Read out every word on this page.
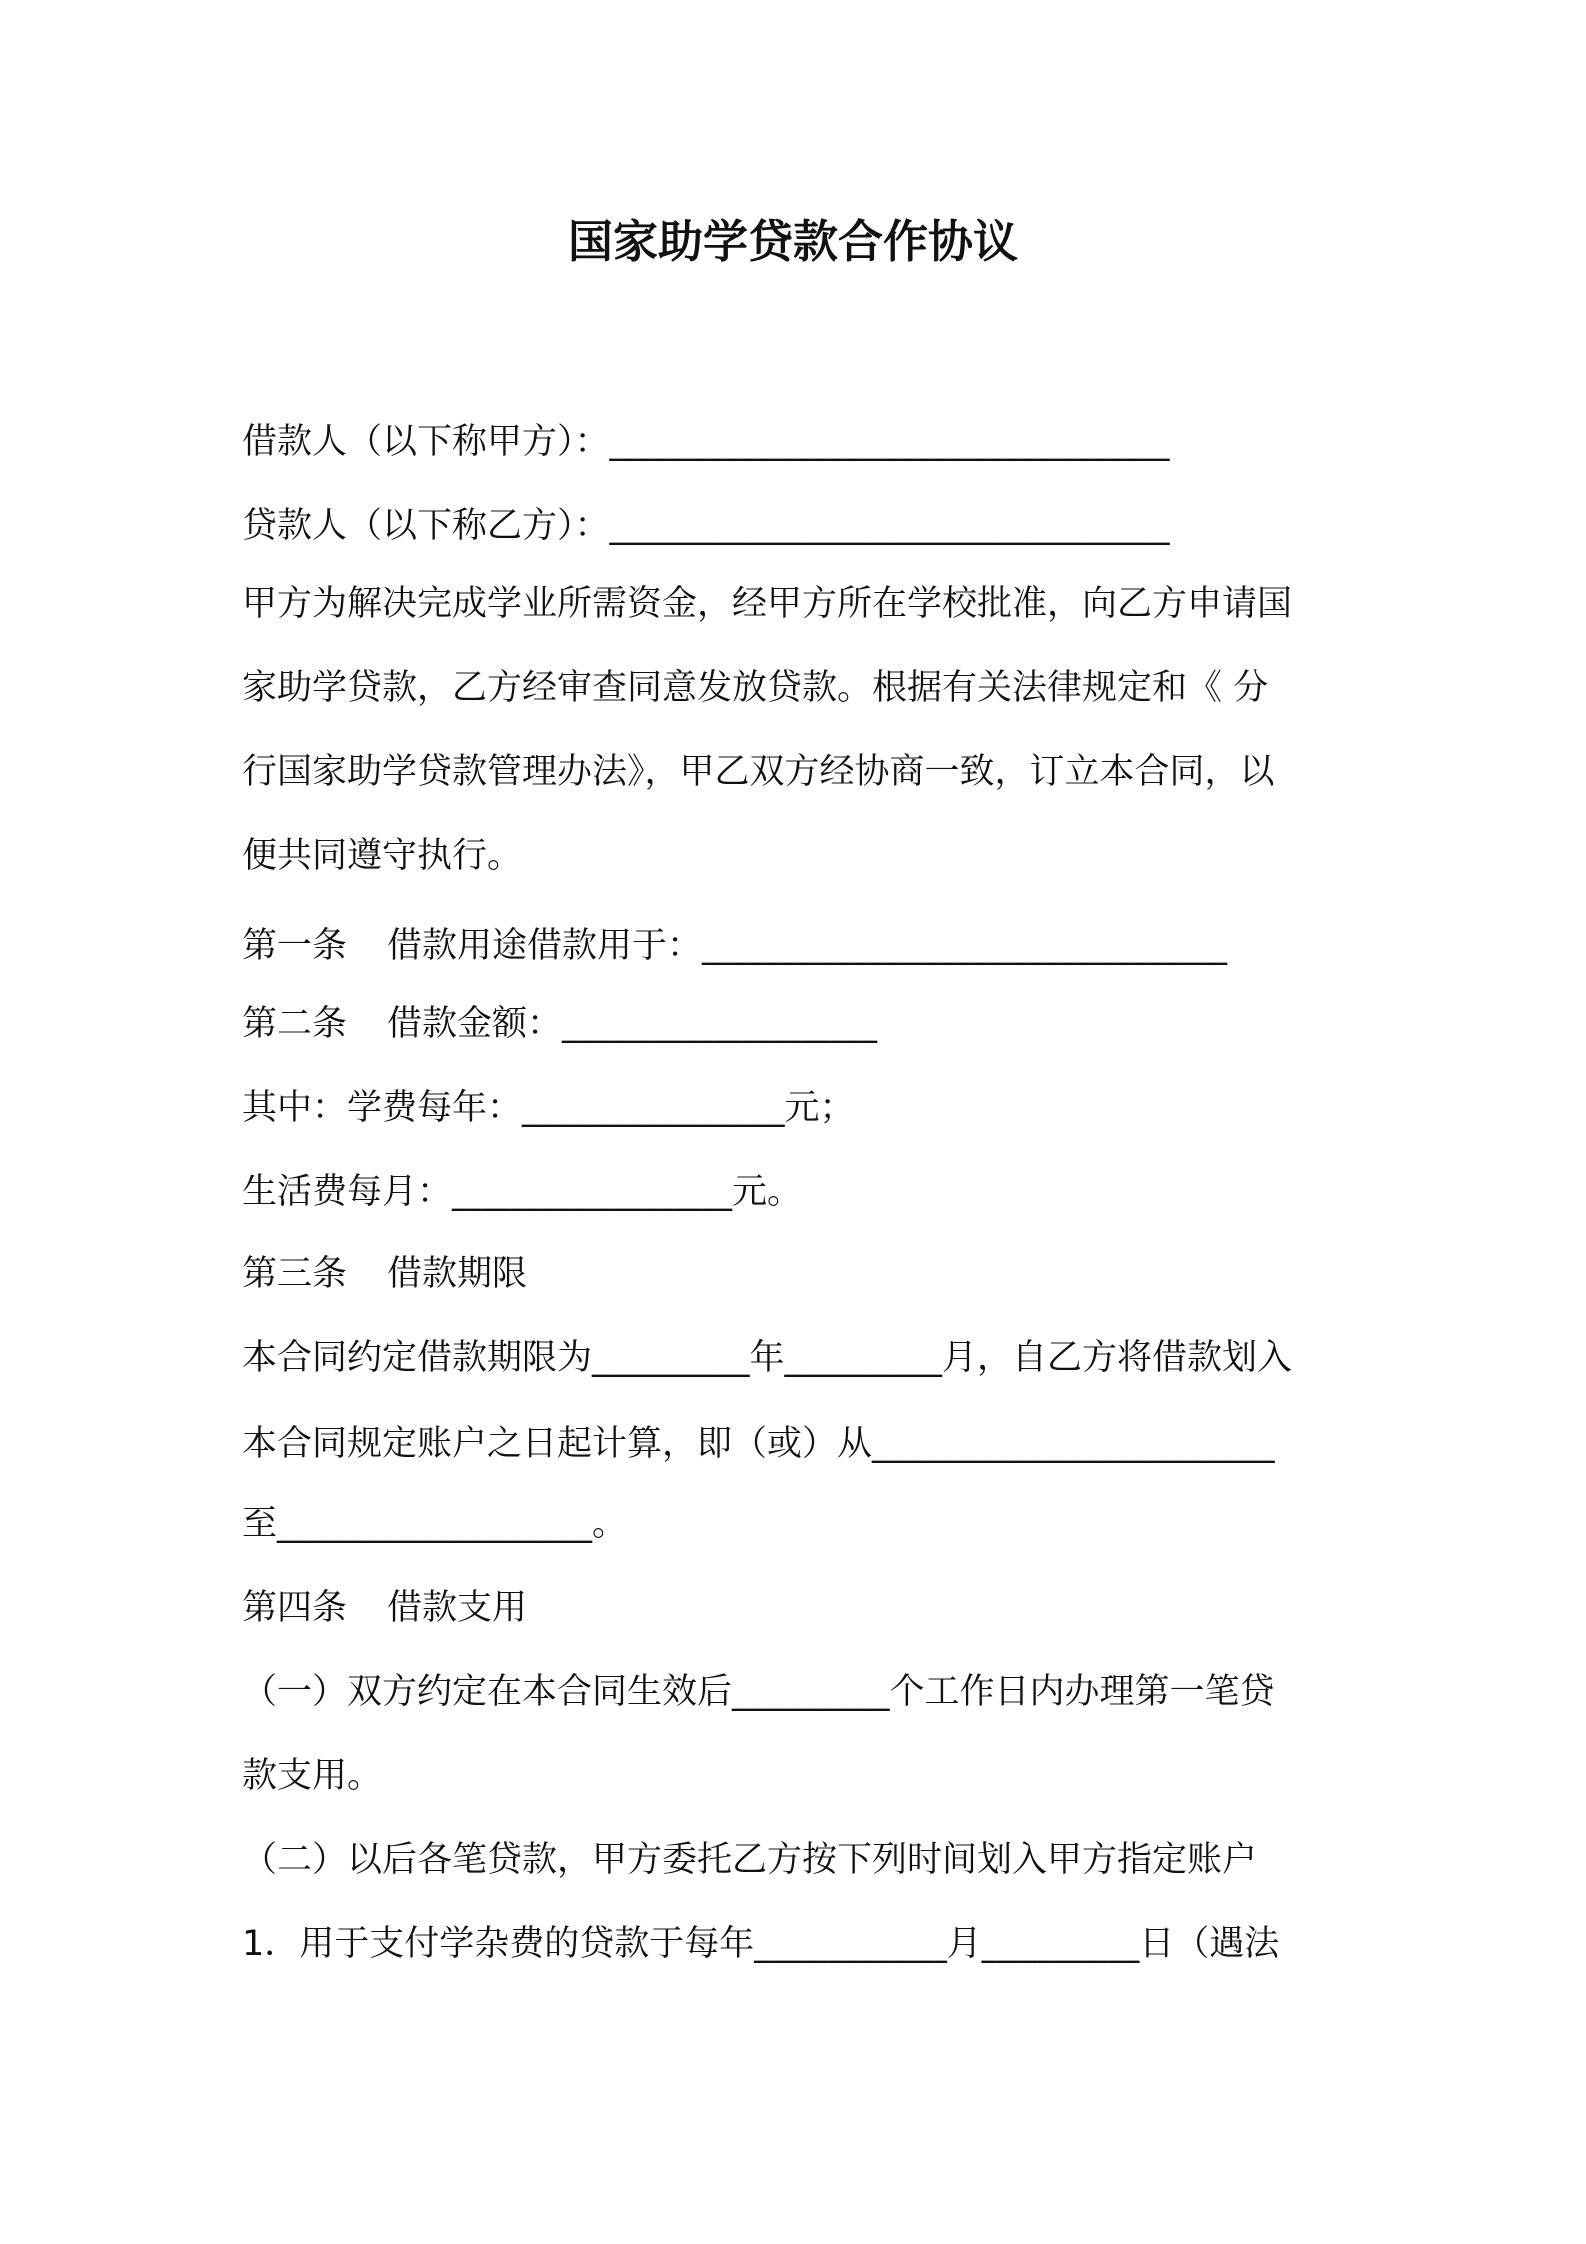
国家助学贷款合作协议
借款人（以下称甲方）：________________________________
贷款人（以下称乙方）：________________________________
甲方为解决完成学业所需资金，经甲方所在学校批准，向乙方申请国
家助学贷款，乙方经审查同意发放贷款。根据有关法律规定和《 分
行国家助学贷款管理办法》，甲乙双方经协商一致，订立本合同，以
便共同遵守执行。
第一条 借款用途借款用于：______________________________
第二条 借款金额：__________________
其中：学费每年：_______________元；
生活费每月：________________元。
第三条 借款期限
本合同约定借款期限为_________年_________月，自乙方将借款划入
本合同规定账户之日起计算，即（或）从_______________________
至__________________。
第四条 借款支用
（一）双方约定在本合同生效后_________个工作日内办理第一笔贷
款支用。
（二）以后各笔贷款，甲方委托乙方按下列时间划入甲方指定账户
1．用于支付学杂费的贷款于每年___________月_________日（遇法
